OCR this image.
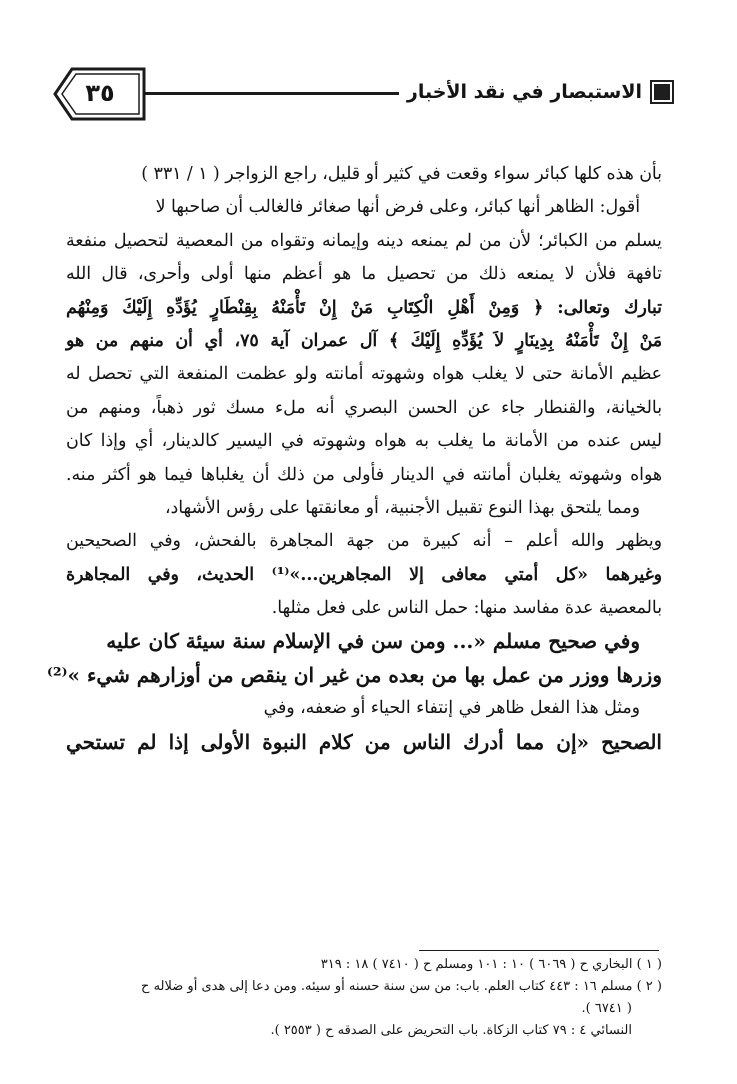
الاستبصار في نقد الأخبار
٣٥
بأن هذه كلها كبائر سواء وقعت في كثير أو قليل، راجع الزواجر ( ١ / ٣٣١ )
أقول: الظاهر أنها كبائر، وعلى فرض أنها صغائر فالغالب أن صاحبها لا
يسلم من الكبائر؛ لأن من لم يمنعه دينه وإيمانه وتقواه من المعصية لتحصيل منفعة
تافهة فلأن لا يمنعه ذلك من تحصيل ما هو أعظم منها أولى وأحرى، قال الله
تبارك وتعالى: ﴿ وَمِنْ أَهْلِ الْكِتَابِ مَنْ إِنْ تَأْمَنْهُ بِقِنْطَارٍ يُؤَدِّهِ إِلَيْكَ وَمِنْهُم
مَنْ إِنْ تَأْمَنْهُ بِدِينَارٍ لاَ يُؤَدِّهِ إِلَيْكَ ﴾ آل عمران آية ٧٥، أي أن منهم من هو
عظيم الأمانة حتى لا يغلب هواه وشهوته أمانته ولو عظمت المنفعة التي تحصل له
بالخيانة، والقنطار جاء عن الحسن البصري أنه ملء مسك ثور ذهباً، ومنهم من
ليس عنده من الأمانة ما يغلب به هواه وشهوته في اليسير كالدينار، أي وإذا كان
هواه وشهوته يغلبان أمانته في الدينار فأولى من ذلك أن يغلباها فيما هو أكثر منه.
ومما يلتحق بهذا النوع تقبيل الأجنبية، أو معانقتها على رؤس الأشهاد،
ويظهر والله أعلم – أنه كبيرة من جهة المجاهرة بالفحش، وفي الصحيحين
وغيرهما «كل أمتي معافى إلا المجاهرين...»⁽¹⁾ الحديث، وفي المجاهرة
بالمعصية عدة مفاسد منها: حمل الناس على فعل مثلها.
وفي صحيح مسلم «... ومن سن في الإسلام سنة سيئة كان عليه
وزرها ووزر من عمل بها من بعده من غير ان ينقص من أوزارهم شيء »⁽²⁾
ومثل هذا الفعل ظاهر في إنتفاء الحياء أو ضعفه، وفي
الصحيح «إن مما أدرك الناس من كلام النبوة الأولى إذا لم تستحي
( ١ ) البخاري ح ( ٦٠٦٩ ) ١٠ : ١٠١ ومسلم ح ( ٧٤١٠ ) ١٨ : ٣١٩
( ٢ ) مسلم ١٦ : ٤٤٣ كتاب العلم. باب: من سن سنة حسنه أو سيئه. ومن دعا إلى هدى أو ضلاله ح
( ٦٧٤١ ).
النسائي ٤ : ٧٩ كتاب الزكاة. باب التحريض على الصدقه ح ( ٢٥٥٣ ).
